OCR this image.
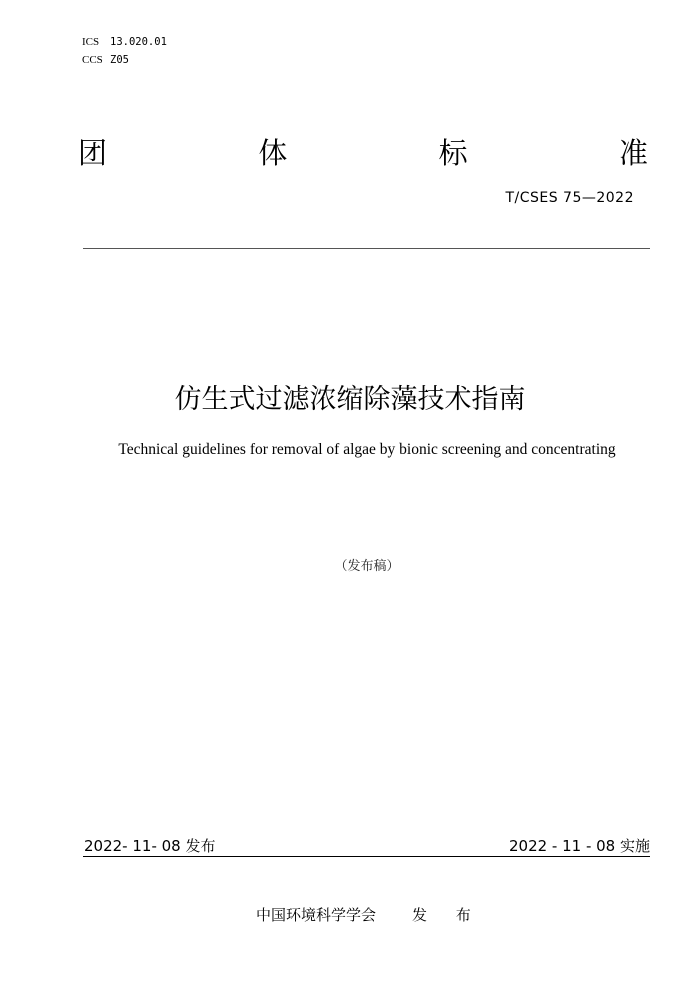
ICS	13.020.01
CCS Z05
团	体	标	准
T/CSES 75—2022
仿生式过滤浓缩除藻技术指南
Technical guidelines for removal of algae by bionic screening and concentrating
（发布稿）
2022- 11- 08 发布	2022 - 11 - 08 实施
中国环境科学学会 发 布
